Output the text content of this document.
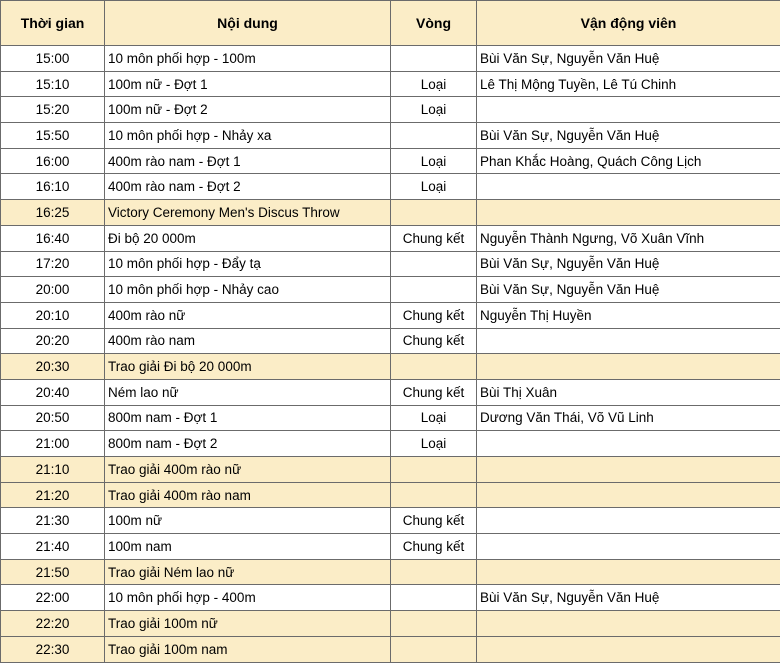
Thời gian	Nội dung	Vòng	Vận động viên
15:00	10 môn phối hợp - 100m		Bùi Văn Sự, Nguyễn Văn Huệ
15:10	100m nữ - Đợt 1	Loại	Lê Thị Mộng Tuyền, Lê Tú Chinh
15:20	100m nữ - Đợt 2	Loại	
15:50	10 môn phối hợp - Nhảy xa		Bùi Văn Sự, Nguyễn Văn Huệ
16:00	400m rào nam - Đợt 1	Loại	Phan Khắc Hoàng, Quách Công Lịch
16:10	400m rào nam - Đợt 2	Loại	
16:25	Victory Ceremony Men's Discus Throw		
16:40	Đi bộ 20 000m	Chung kết	Nguyễn Thành Ngưng, Võ Xuân Vĩnh
17:20	10 môn phối hợp - Đẩy tạ		Bùi Văn Sự, Nguyễn Văn Huệ
20:00	10 môn phối hợp - Nhảy cao		Bùi Văn Sự, Nguyễn Văn Huệ
20:10	400m rào nữ	Chung kết	Nguyễn Thị Huyền
20:20	400m rào nam	Chung kết	
20:30	Trao giải Đi bộ 20 000m		
20:40	Ném lao nữ	Chung kết	Bùi Thị Xuân
20:50	800m nam - Đợt 1	Loại	Dương Văn Thái, Võ Vũ Linh
21:00	800m nam - Đợt 2	Loại	
21:10	Trao giải 400m rào nữ		
21:20	Trao giải 400m rào nam		
21:30	100m nữ	Chung kết	
21:40	100m nam	Chung kết	
21:50	Trao giải Ném lao nữ		
22:00	10 môn phối hợp - 400m		Bùi Văn Sự, Nguyễn Văn Huệ
22:20	Trao giải 100m nữ		
22:30	Trao giải 100m nam		
